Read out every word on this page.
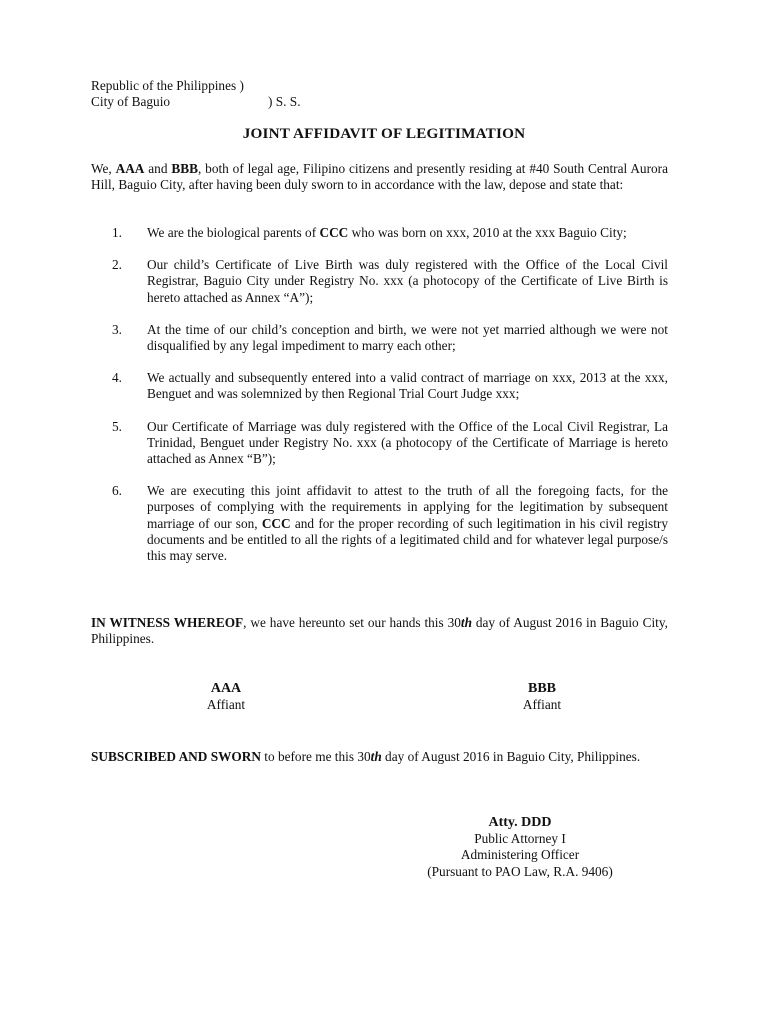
Republic of the Philippines )
City of Baguio	) S. S.
JOINT AFFIDAVIT OF LEGITIMATION

We, AAA and BBB, both of legal age, Filipino citizens and presently residing at #40 South Central Aurora Hill, Baguio City, after having been duly sworn to in accordance with the law, depose and state that:

1. We are the biological parents of CCC who was born on xxx, 2010 at the xxx Baguio City;
2. Our child’s Certificate of Live Birth was duly registered with the Office of the Local Civil Registrar, Baguio City under Registry No. xxx (a photocopy of the Certificate of Live Birth is hereto attached as Annex “A”);
3. At the time of our child’s conception and birth, we were not yet married although we were not disqualified by any legal impediment to marry each other;
4. We actually and subsequently entered into a valid contract of marriage on xxx, 2013 at the xxx, Benguet and was solemnized by then Regional Trial Court Judge xxx;
5. Our Certificate of Marriage was duly registered with the Office of the Local Civil Registrar, La Trinidad, Benguet under Registry No. xxx (a photocopy of the Certificate of Marriage is hereto attached as Annex “B”);
6. We are executing this joint affidavit to attest to the truth of all the foregoing facts, for the purposes of complying with the requirements in applying for the legitimation by subsequent marriage of our son, CCC and for the proper recording of such legitimation in his civil registry documents and be entitled to all the rights of a legitimated child and for whatever legal purpose/s this may serve.

IN WITNESS WHEREOF, we have hereunto set our hands this 30th day of August 2016 in Baguio City, Philippines.

AAA
Affiant
BBB
Affiant

SUBSCRIBED AND SWORN to before me this 30th day of August 2016 in Baguio City, Philippines.

Atty. DDD
Public Attorney I
Administering Officer
(Pursuant to PAO Law, R.A. 9406)
